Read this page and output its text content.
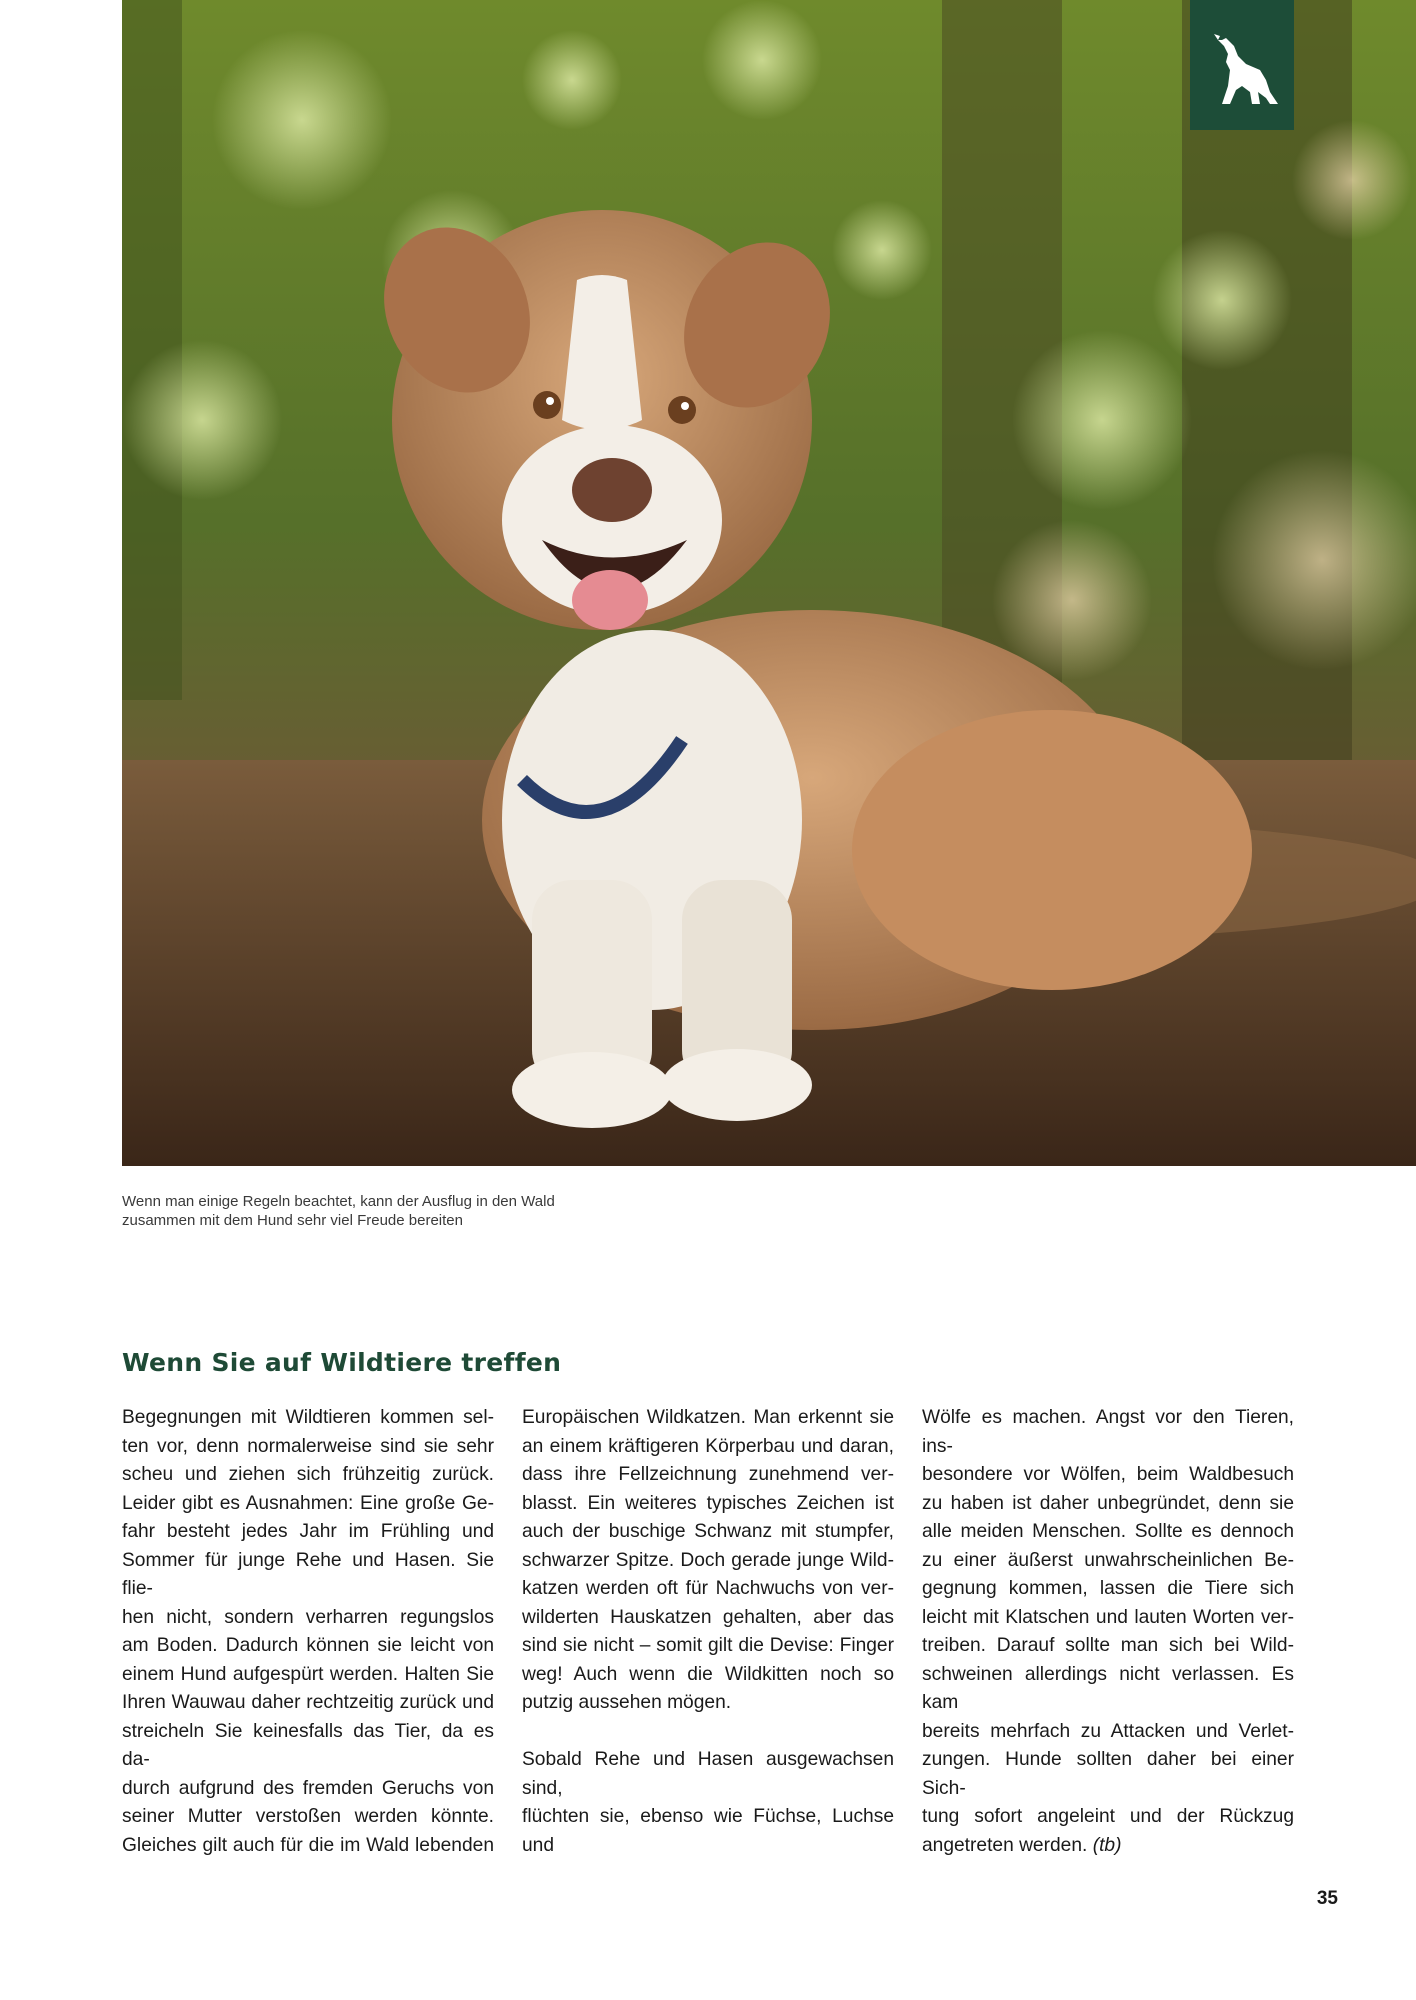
Wenn man einige Regeln beachtet, kann der Ausflug in den Wald
zusammen mit dem Hund sehr viel Freude bereiten
Wenn Sie auf Wildtiere treffen

Begegnungen mit Wildtieren kommen sel-

ten vor, denn normalerweise sind sie sehr

scheu und ziehen sich frühzeitig zurück.

Leider gibt es Ausnahmen: Eine große Ge-

fahr besteht jedes Jahr im Frühling und

Sommer für junge Rehe und Hasen. Sie flie-

hen nicht, sondern verharren regungslos

am Boden. Dadurch können sie leicht von

einem Hund aufgespürt werden. Halten Sie

Ihren Wauwau daher rechtzeitig zurück und

streicheln Sie keinesfalls das Tier, da es da-

durch aufgrund des fremden Geruchs von

seiner Mutter verstoßen werden könnte.

Gleiches gilt auch für die im Wald lebenden

Europäischen Wildkatzen. Man erkennt sie

an einem kräftigeren Körperbau und daran,

dass ihre Fellzeichnung zunehmend ver-

blasst. Ein weiteres typisches Zeichen ist

auch der buschige Schwanz mit stumpfer,

schwarzer Spitze. Doch gerade junge Wild-

katzen werden oft für Nachwuchs von ver-

wilderten Hauskatzen gehalten, aber das

sind sie nicht – somit gilt die Devise: Finger

weg! Auch wenn die Wildkitten noch so

putzig aussehen mögen.

Sobald Rehe und Hasen ausgewachsen sind,

flüchten sie, ebenso wie Füchse, Luchse und

Wölfe es machen. Angst vor den Tieren, ins-

besondere vor Wölfen, beim Waldbesuch

zu haben ist daher unbegründet, denn sie

alle meiden Menschen. Sollte es dennoch

zu einer äußerst unwahrscheinlichen Be-

gegnung kommen, lassen die Tiere sich

leicht mit Klatschen und lauten Worten ver-

treiben. Darauf sollte man sich bei Wild-

schweinen allerdings nicht verlassen. Es kam

bereits mehrfach zu Attacken und Verlet-

zungen. Hunde sollten daher bei einer Sich-

tung sofort angeleint und der Rückzug

angetreten werden. (tb)

35
